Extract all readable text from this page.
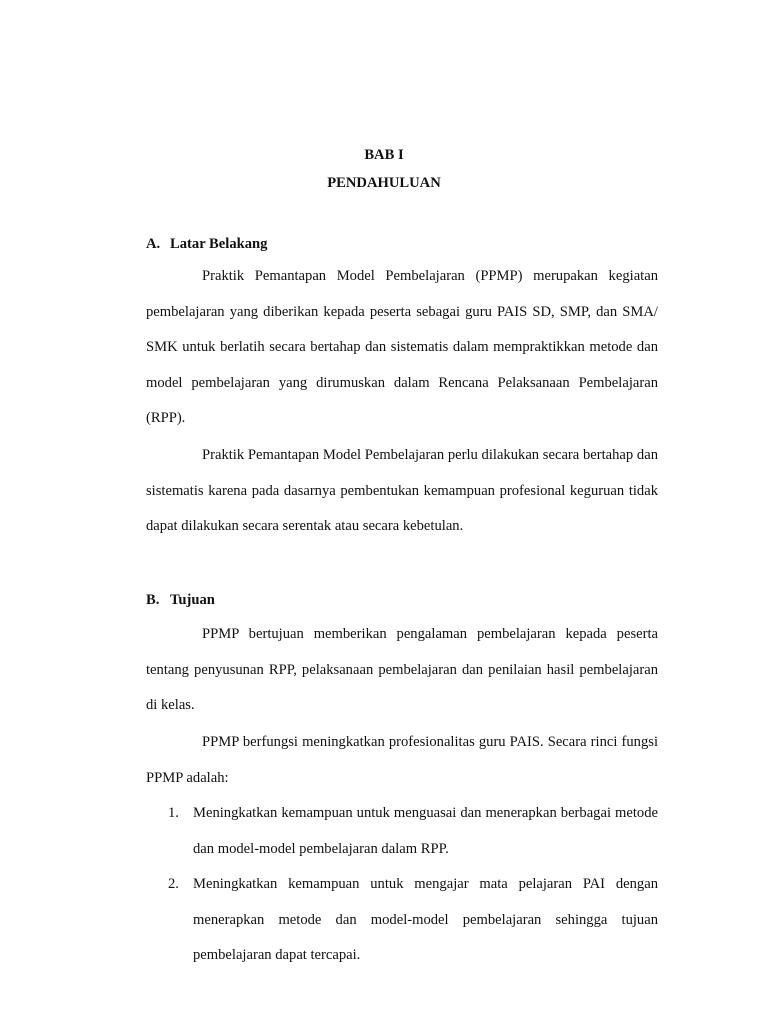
BAB I
PENDAHULUAN
A. Latar Belakang

Praktik Pemantapan Model Pembelajaran (PPMP) merupakan kegiatan pembelajaran yang diberikan kepada peserta sebagai guru PAIS SD, SMP, dan SMA/ SMK untuk berlatih secara bertahap dan sistematis dalam mempraktikkan metode dan model pembelajaran yang dirumuskan dalam Rencana Pelaksanaan Pembelajaran (RPP).

Praktik Pemantapan Model Pembelajaran perlu dilakukan secara bertahap dan sistematis karena pada dasarnya pembentukan kemampuan profesional keguruan tidak dapat dilakukan secara serentak atau secara kebetulan.

B. Tujuan

PPMP bertujuan memberikan pengalaman pembelajaran kepada peserta tentang penyusunan RPP, pelaksanaan pembelajaran dan penilaian hasil pembelajaran di kelas.

PPMP berfungsi meningkatkan profesionalitas guru PAIS. Secara rinci fungsi PPMP adalah:

1. Meningkatkan kemampuan untuk menguasai dan menerapkan berbagai metode dan model-model pembelajaran dalam RPP.
2. Meningkatkan kemampuan untuk mengajar mata pelajaran PAI dengan menerapkan metode dan model-model pembelajaran sehingga tujuan pembelajaran dapat tercapai.
